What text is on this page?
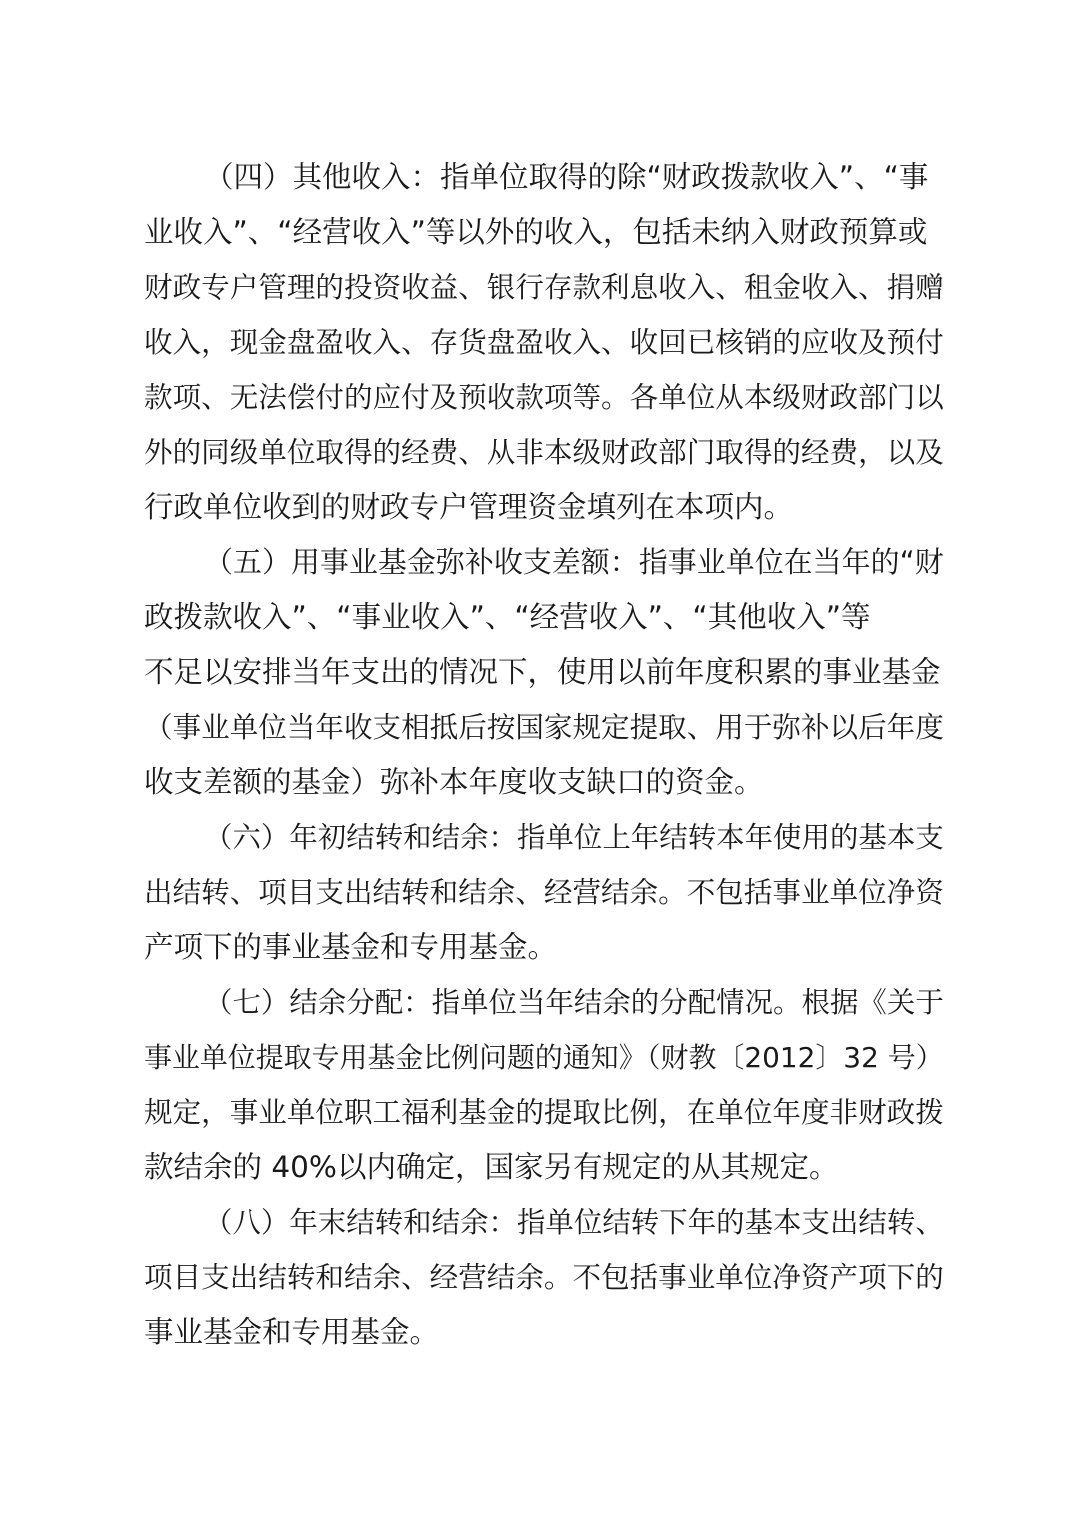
（四）其他收入：指单位取得的除“财政拨款收入”、“事
业收入”、“经营收入”等以外的收入，包括未纳入财政预算或
财政专户管理的投资收益、银行存款利息收入、租金收入、捐赠
收入，现金盘盈收入、存货盘盈收入、收回已核销的应收及预付
款项、无法偿付的应付及预收款项等。各单位从本级财政部门以
外的同级单位取得的经费、从非本级财政部门取得的经费，以及
行政单位收到的财政专户管理资金填列在本项内。

（五）用事业基金弥补收支差额：指事业单位在当年的“财
政拨款收入”、“事业收入”、“经营收入”、“其他收入”等
不足以安排当年支出的情况下，使用以前年度积累的事业基金
（事业单位当年收支相抵后按国家规定提取、用于弥补以后年度
收支差额的基金）弥补本年度收支缺口的资金。

（六）年初结转和结余：指单位上年结转本年使用的基本支
出结转、项目支出结转和结余、经营结余。不包括事业单位净资
产项下的事业基金和专用基金。

（七）结余分配：指单位当年结余的分配情况。根据《关于
事业单位提取专用基金比例问题的通知》（财教〔2012〕32 号）
规定，事业单位职工福利基金的提取比例，在单位年度非财政拨
款结余的 40%以内确定，国家另有规定的从其规定。

（八）年末结转和结余：指单位结转下年的基本支出结转、
项目支出结转和结余、经营结余。不包括事业单位净资产项下的
事业基金和专用基金。
